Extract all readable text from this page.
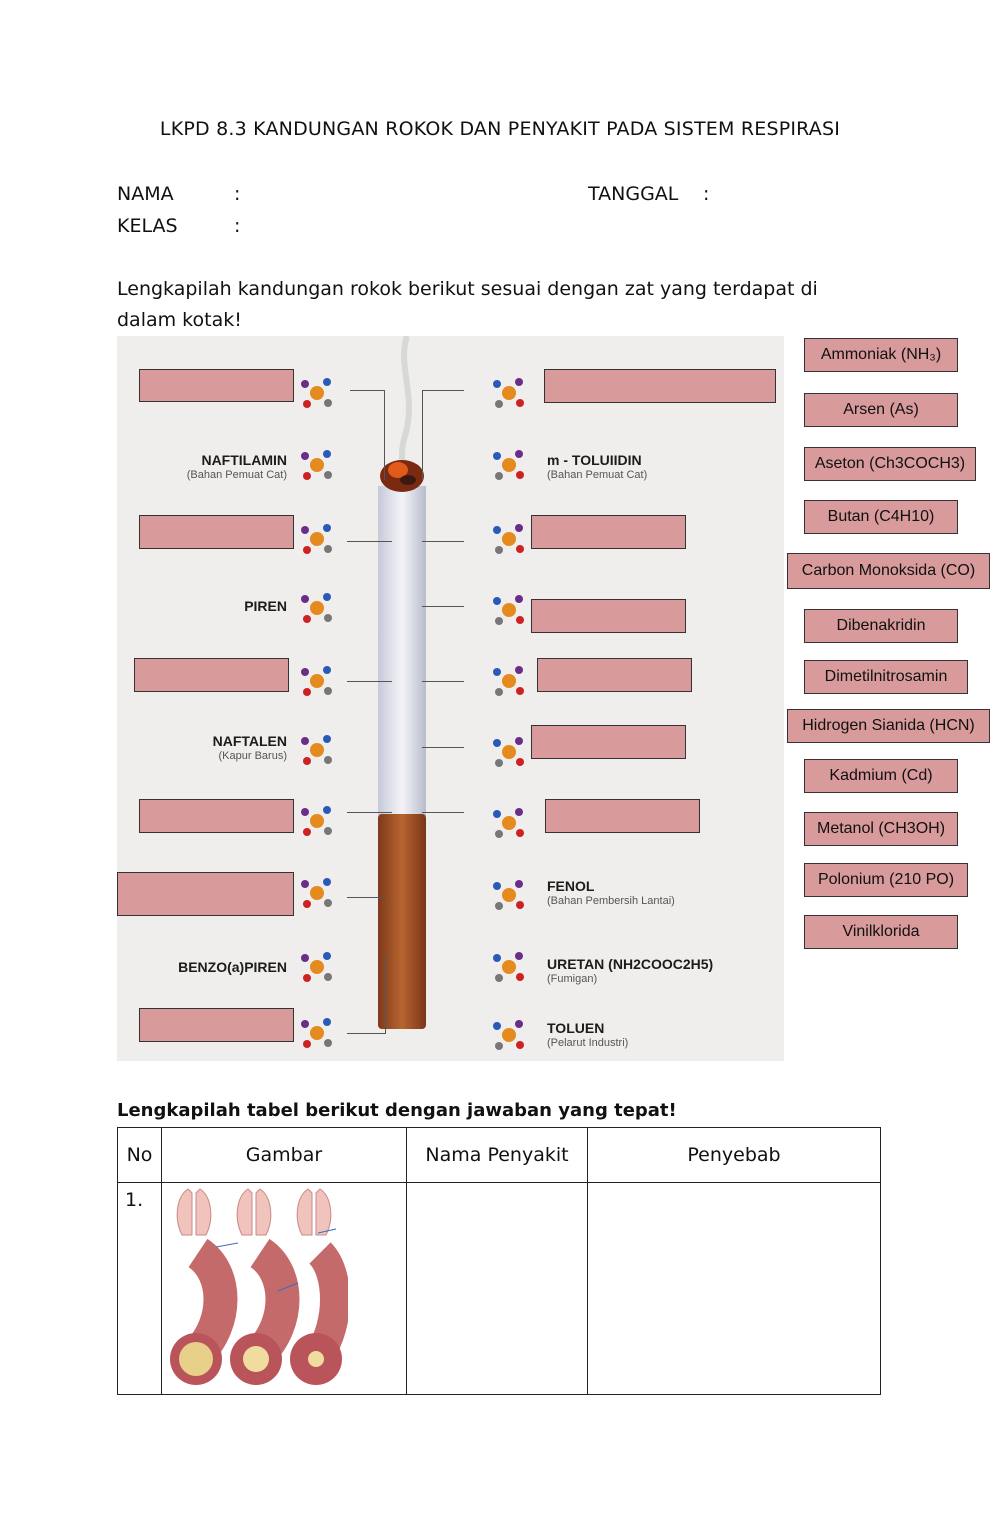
LKPD 8.3 KANDUNGAN ROKOK DAN PENYAKIT PADA SISTEM RESPIRASI
NAMA	:
KELAS	:
TANGGAL :
Lengkapilah kandungan rokok berikut sesuai dengan zat yang terdapat di dalam kotak!
NAFTILAMIN
(Bahan Pemuat Cat)
PIREN
NAFTALEN
(Kapur Barus)
BENZO(a)PIREN
m - TOLUIIDIN
(Bahan Pemuat Cat)
FENOL
(Bahan Pembersih Lantai)
URETAN (NH2COOC2H5)
(Fumigan)
TOLUEN
(Pelarut Industri)
Ammoniak (NH₃)
Arsen (As)
Aseton (Ch3COCH3)
Butan (C4H10)
Carbon Monoksida (CO)
Dibenakridin
Dimetilnitrosamin
Hidrogen Sianida (HCN)
Kadmium (Cd)
Metanol (CH3OH)
Polonium (210 PO)
Vinilklorida
Lengkapilah tabel berikut dengan jawaban yang tepat!
No	Gambar	Nama Penyakit	Penyebab
1.			
